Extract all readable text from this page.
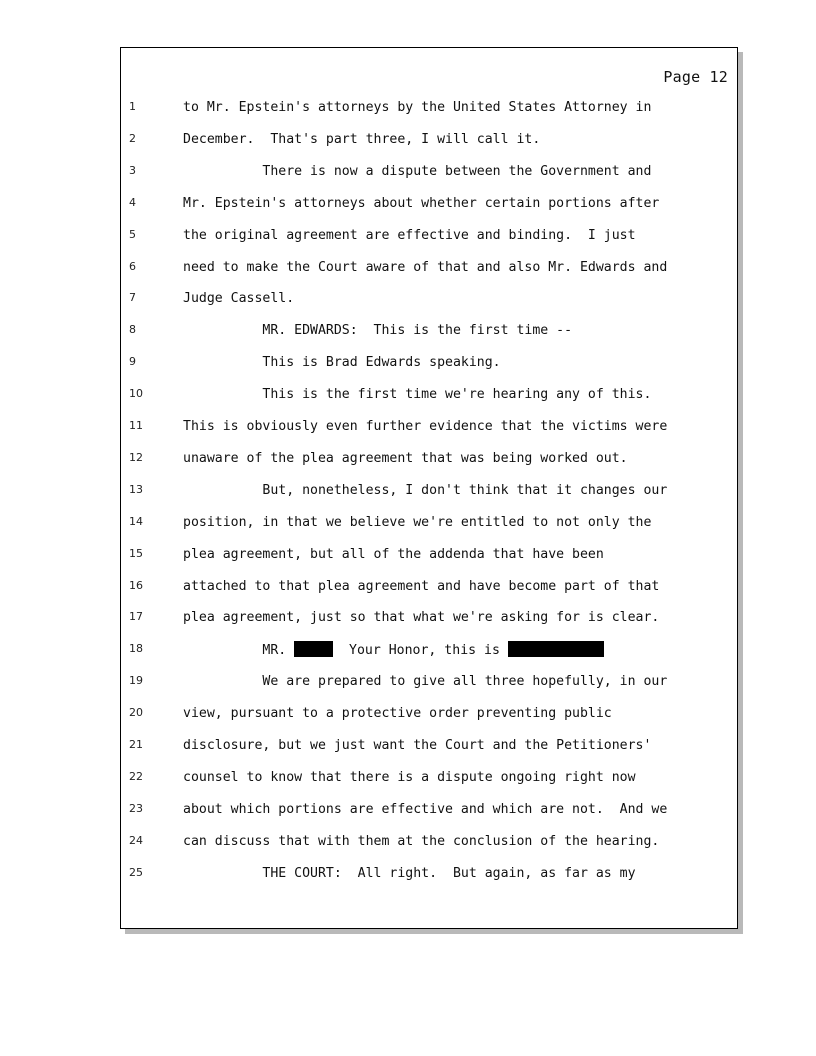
Page 12
1	to Mr. Epstein's attorneys by the United States Attorney in
2	December.  That's part three, I will call it.
3	There is now a dispute between the Government and
4	Mr. Epstein's attorneys about whether certain portions after
5	the original agreement are effective and binding.  I just
6	need to make the Court aware of that and also Mr. Edwards and
7	Judge Cassell.
8	MR. EDWARDS:  This is the first time --
9	This is Brad Edwards speaking.
10	This is the first time we're hearing any of this.
11	This is obviously even further evidence that the victims were
12	unaware of the plea agreement that was being worked out.
13	But, nonetheless, I don't think that it changes our
14	position, in that we believe we're entitled to not only the
15	plea agreement, but all of the addenda that have been
16	attached to that plea agreement and have become part of that
17	plea agreement, just so that what we're asking for is clear.
18	MR.	Your Honor, this is
19	We are prepared to give all three hopefully, in our
20	view, pursuant to a protective order preventing public
21	disclosure, but we just want the Court and the Petitioners'
22	counsel to know that there is a dispute ongoing right now
23	about which portions are effective and which are not.  And we
24	can discuss that with them at the conclusion of the hearing.
25	THE COURT:  All right.  But again, as far as my
